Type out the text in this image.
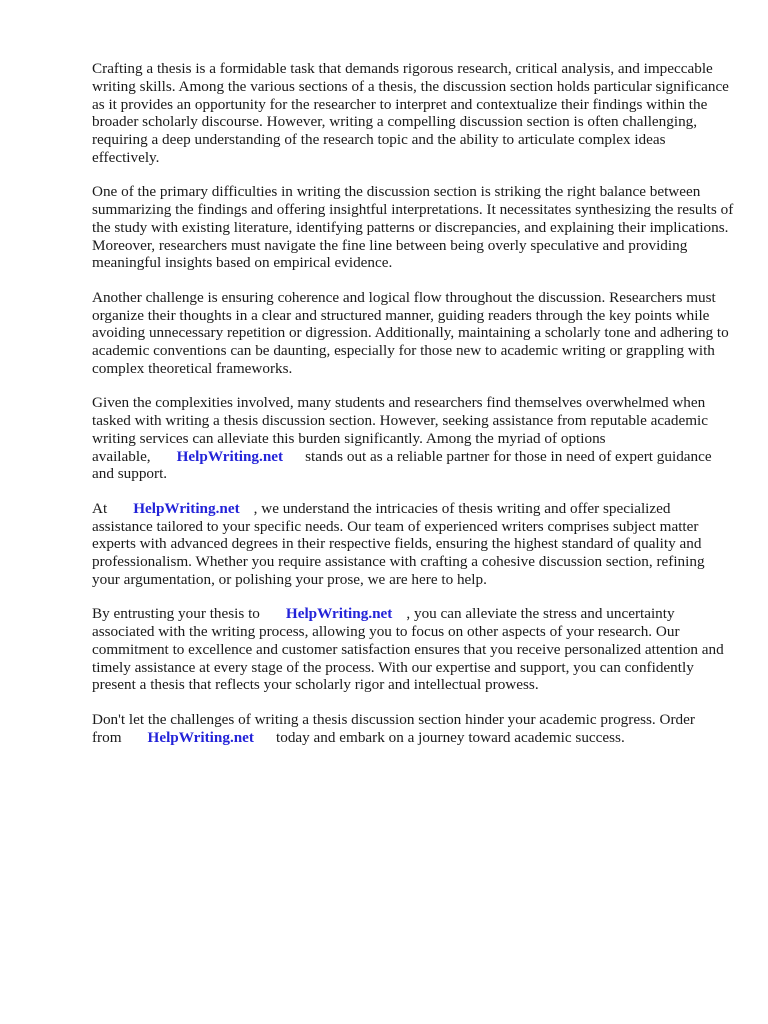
Crafting a thesis is a formidable task that demands rigorous research, critical analysis, and impeccable writing skills. Among the various sections of a thesis, the discussion section holds particular significance as it provides an opportunity for the researcher to interpret and contextualize their findings within the broader scholarly discourse. However, writing a compelling discussion section is often challenging, requiring a deep understanding of the research topic and the ability to articulate complex ideas effectively.

One of the primary difficulties in writing the discussion section is striking the right balance between summarizing the findings and offering insightful interpretations. It necessitates synthesizing the results of the study with existing literature, identifying patterns or discrepancies, and explaining their implications. Moreover, researchers must navigate the fine line between being overly speculative and providing meaningful insights based on empirical evidence.

Another challenge is ensuring coherence and logical flow throughout the discussion. Researchers must organize their thoughts in a clear and structured manner, guiding readers through the key points while avoiding unnecessary repetition or digression. Additionally, maintaining a scholarly tone and adhering to academic conventions can be daunting, especially for those new to academic writing or grappling with complex theoretical frameworks.

Given the complexities involved, many students and researchers find themselves overwhelmed when tasked with writing a thesis discussion section. However, seeking assistance from reputable academic writing services can alleviate this burden significantly. Among the myriad of options available, HelpWriting.net stands out as a reliable partner for those in need of expert guidance and support.

At HelpWriting.net , we understand the intricacies of thesis writing and offer specialized assistance tailored to your specific needs. Our team of experienced writers comprises subject matter experts with advanced degrees in their respective fields, ensuring the highest standard of quality and professionalism. Whether you require assistance with crafting a cohesive discussion section, refining your argumentation, or polishing your prose, we are here to help.

By entrusting your thesis to HelpWriting.net , you can alleviate the stress and uncertainty associated with the writing process, allowing you to focus on other aspects of your research. Our commitment to excellence and customer satisfaction ensures that you receive personalized attention and timely assistance at every stage of the process. With our expertise and support, you can confidently present a thesis that reflects your scholarly rigor and intellectual prowess.

Don't let the challenges of writing a thesis discussion section hinder your academic progress. Order from HelpWriting.net today and embark on a journey toward academic success.
